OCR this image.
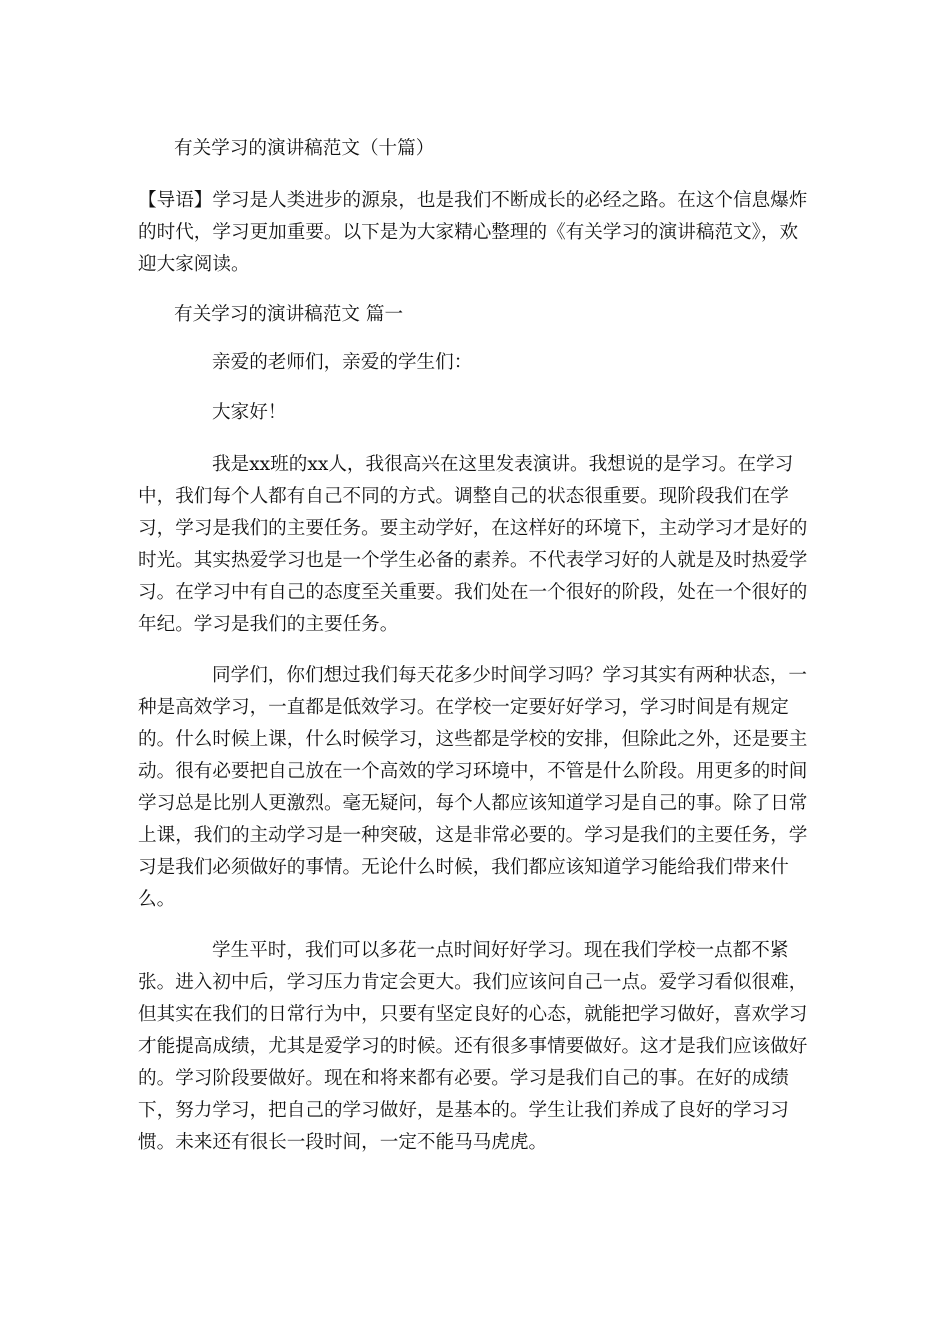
有关学习的演讲稿范文（十篇）

【导语】学习是人类进步的源泉，也是我们不断成长的必经之路。在这个信息爆炸的时代，学习更加重要。以下是为大家精心整理的《有关学习的演讲稿范文》，欢迎大家阅读。

有关学习的演讲稿范文 篇一

亲爱的老师们，亲爱的学生们：

大家好！

我是xx班的xx人，我很高兴在这里发表演讲。我想说的是学习。在学习中，我们每个人都有自己不同的方式。调整自己的状态很重要。现阶段我们在学习，学习是我们的主要任务。要主动学好，在这样好的环境下，主动学习才是好的时光。其实热爱学习也是一个学生必备的素养。不代表学习好的人就是及时热爱学习。在学习中有自己的态度至关重要。我们处在一个很好的阶段，处在一个很好的年纪。学习是我们的主要任务。

同学们，你们想过我们每天花多少时间学习吗？学习其实有两种状态，一种是高效学习，一直都是低效学习。在学校一定要好好学习，学习时间是有规定的。什么时候上课，什么时候学习，这些都是学校的安排，但除此之外，还是要主动。很有必要把自己放在一个高效的学习环境中，不管是什么阶段。用更多的时间学习总是比别人更激烈。毫无疑问，每个人都应该知道学习是自己的事。除了日常上课，我们的主动学习是一种突破，这是非常必要的。学习是我们的主要任务，学习是我们必须做好的事情。无论什么时候，我们都应该知道学习能给我们带来什么。

学生平时，我们可以多花一点时间好好学习。现在我们学校一点都不紧张。进入初中后，学习压力肯定会更大。我们应该问自己一点。爱学习看似很难，但其实在我们的日常行为中，只要有坚定良好的心态，就能把学习做好，喜欢学习才能提高成绩，尤其是爱学习的时候。还有很多事情要做好。这才是我们应该做好的。学习阶段要做好。现在和将来都有必要。学习是我们自己的事。在好的成绩下，努力学习，把自己的学习做好，是基本的。学生让我们养成了良好的学习习惯。未来还有很长一段时间，一定不能马马虎虎。
